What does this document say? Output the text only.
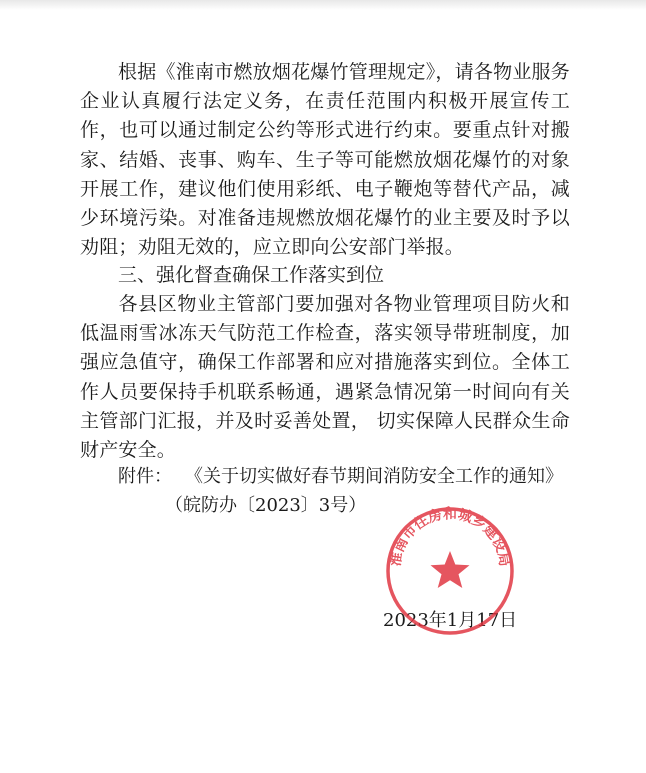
根据《淮南市燃放烟花爆竹管理规定》，请各物业服务企业认真履行法定义务，在责任范围内积极开展宣传工作，也可以通过制定公约等形式进行约束。要重点针对搬家、结婚、丧事、购车、生子等可能燃放烟花爆竹的对象开展工作，建议他们使用彩纸、电子鞭炮等替代产品，减少环境污染。对准备违规燃放烟花爆竹的业主要及时予以劝阻；劝阻无效的，应立即向公安部门举报。

三、强化督查确保工作落实到位

各县区物业主管部门要加强对各物业管理项目防火和低温雨雪冰冻天气防范工作检查，落实领导带班制度，加强应急值守，确保工作部署和应对措施落实到位。全体工作人员要保持手机联系畅通，遇紧急情况第一时间向有关主管部门汇报，并及时妥善处置， 切实保障人民群众生命财产安全。

附件： 《关于切实做好春节期间消防安全工作的通知》

（皖防办〔2023〕3号）

2023年1月17日

淮南市住房和城乡建设局
